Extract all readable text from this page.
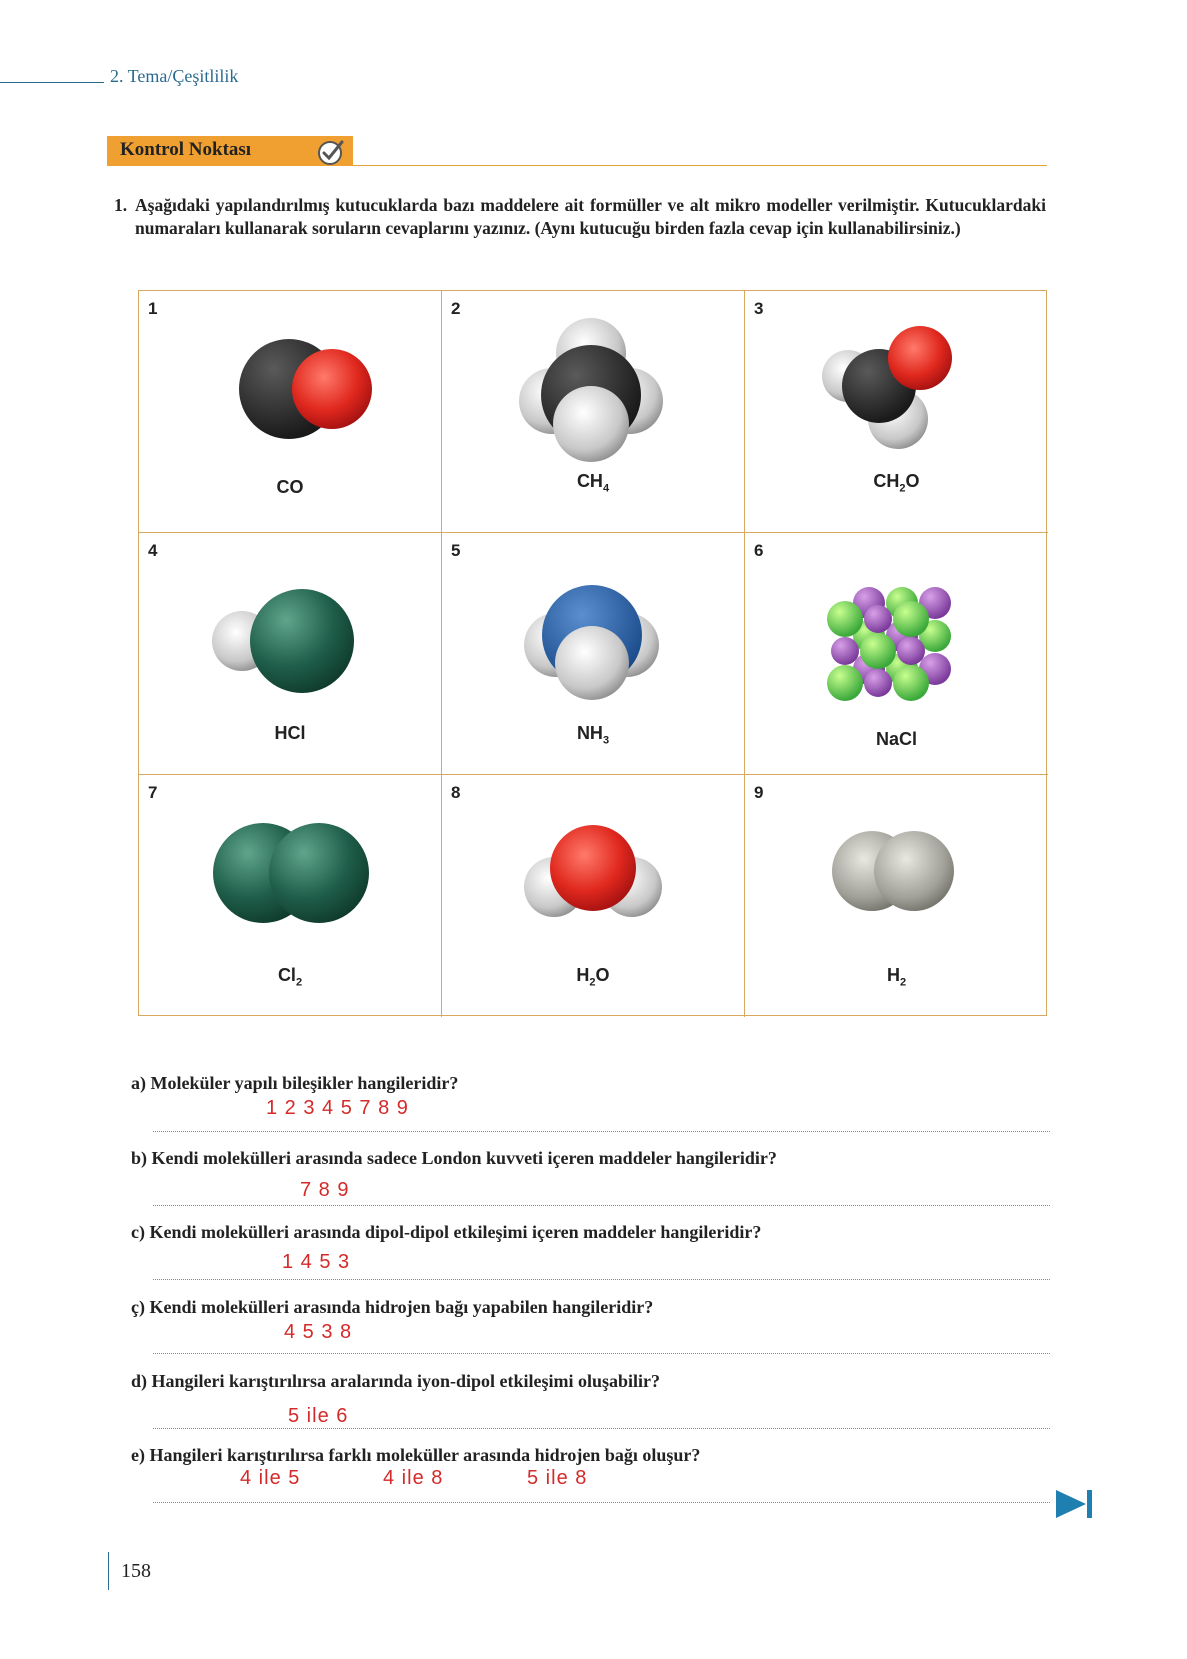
2. Tema/Çeşitlilik
Kontrol Noktası
1. Aşağıdaki yapılandırılmış kutucuklarda bazı maddelere ait formüller ve alt mikro modeller verilmiştir. Kutucuklardaki numaraları kullanarak soruların cevaplarını yazınız. (Aynı kutucuğu birden fazla cevap için kullanabilirsiniz.)
1
CO
2
$CH_4$
3
$CH_2O$
4
HCl
5
$NH_3$
6
NaCl
7
$Cl_2$
8
$H_2O$
9
$H_2$
a) Moleküler yapılı bileşikler hangileridir?
1 2 3 4 5 7 8 9
b) Kendi molekülleri arasında sadece London kuvveti içeren maddeler hangileridir?
7 8 9
c) Kendi molekülleri arasında dipol-dipol etkileşimi içeren maddeler hangileridir?
1 4 5 3
ç) Kendi molekülleri arasında hidrojen bağı yapabilen hangileridir?
4 5 3 8
d) Hangileri karıştırılırsa aralarında iyon-dipol etkileşimi oluşabilir?
5 ile 6
e) Hangileri karıştırılırsa farklı moleküller arasında hidrojen bağı oluşur?
4 ile 5	4 ile 8	5 ile 8
158
